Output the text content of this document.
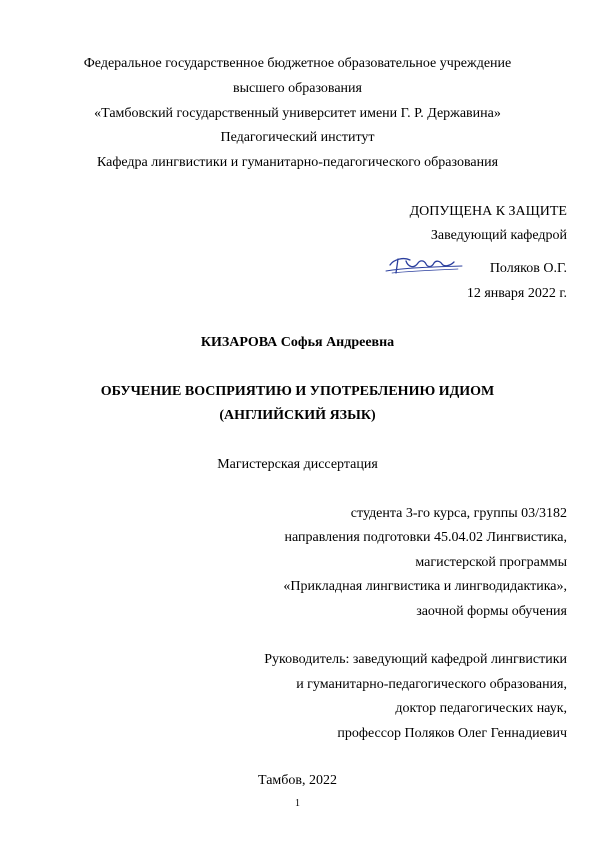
Федеральное государственное бюджетное образовательное учреждение
высшего образования
«Тамбовский государственный университет имени Г. Р. Державина»
Педагогический институт
Кафедра лингвистики и гуманитарно-педагогического образования
ДОПУЩЕНА К ЗАЩИТЕ
Заведующий кафедрой
Поляков О.Г.
12 января 2022 г.
КИЗАРОВА Софья Андреевна
ОБУЧЕНИЕ ВОСПРИЯТИЮ И УПОТРЕБЛЕНИЮ ИДИОМ
(АНГЛИЙСКИЙ ЯЗЫК)
Магистерская диссертация
студента 3-го курса, группы 03/3182
направления подготовки 45.04.02 Лингвистика,
магистерской программы
«Прикладная лингвистика и лингводидактика»,
заочной формы обучения
Руководитель: заведующий кафедрой лингвистики
и гуманитарно-педагогического образования,
доктор педагогических наук,
профессор Поляков Олег Геннадиевич
Тамбов, 2022
1
